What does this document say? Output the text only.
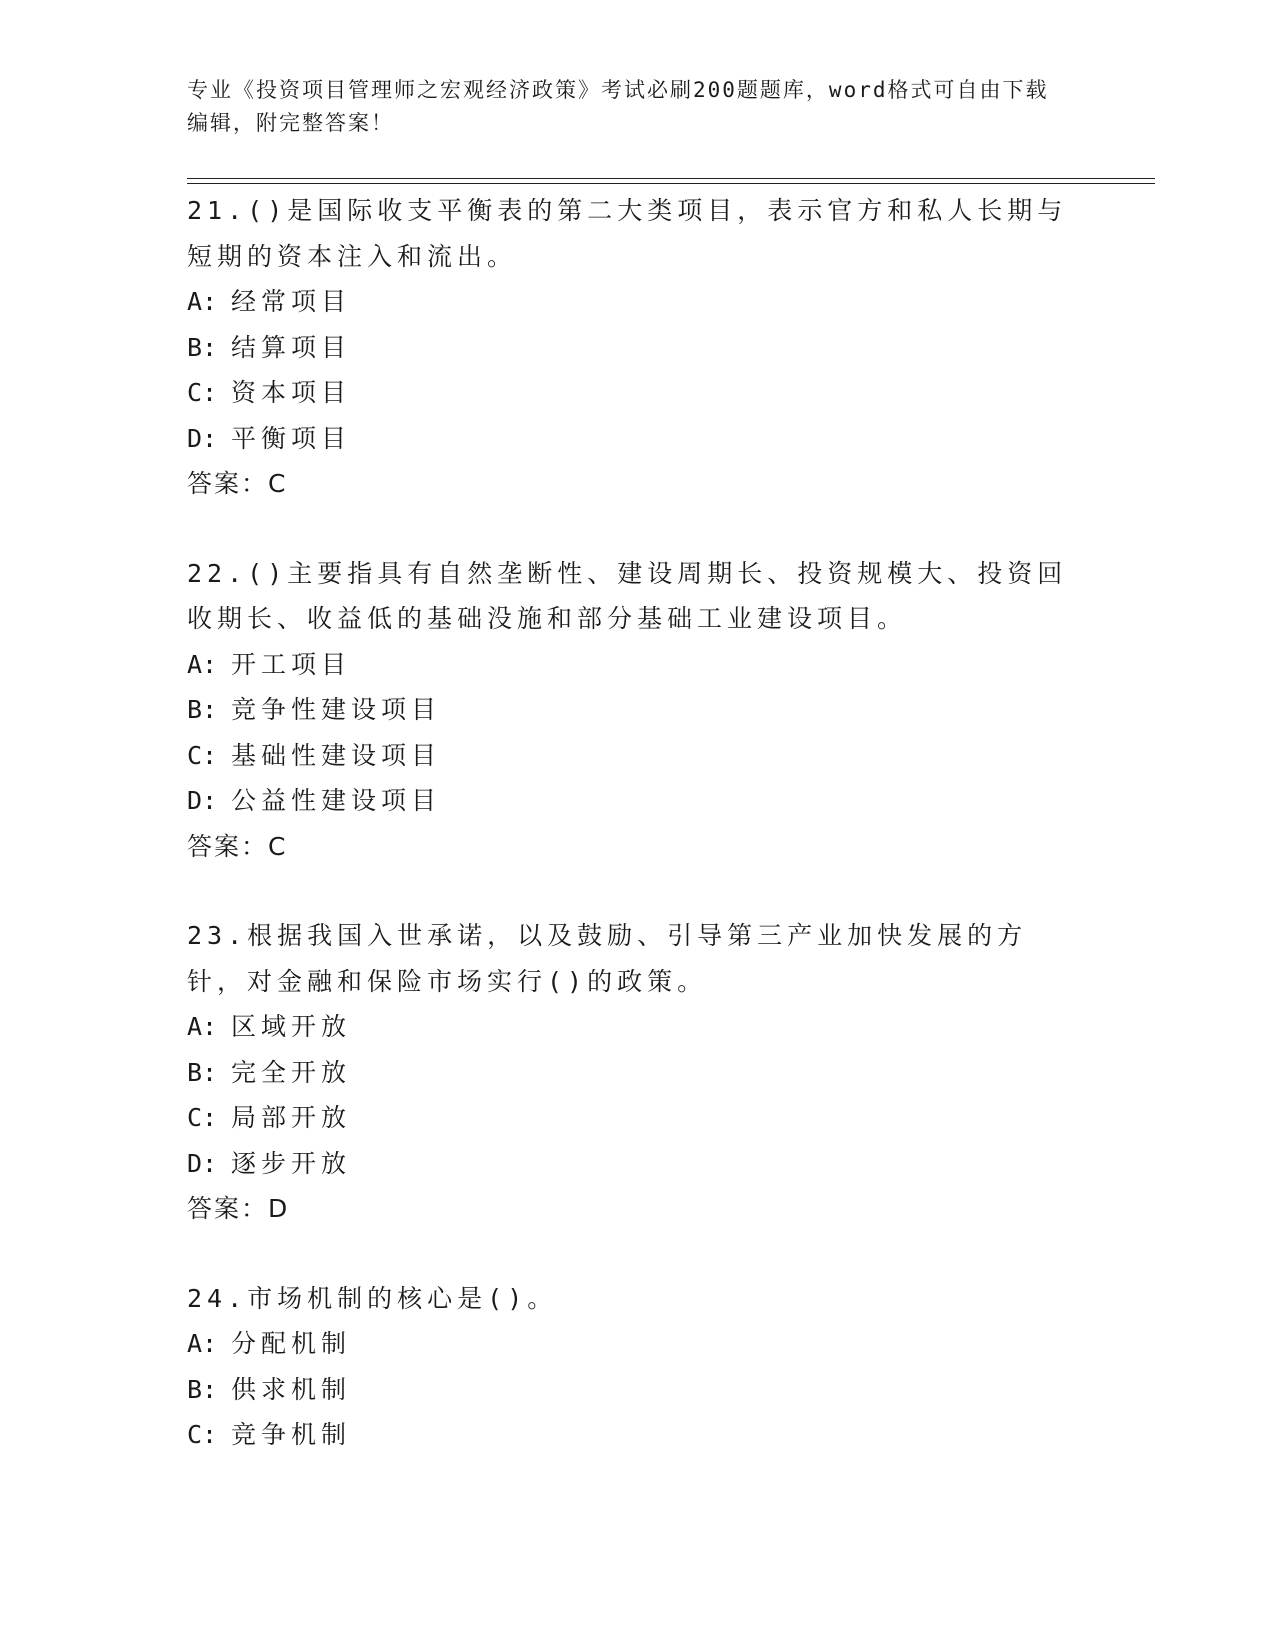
专业《投资项目管理师之宏观经济政策》考试必刷200题题库，word格式可自由下载编辑，附完整答案！
21.()是国际收支平衡表的第二大类项目，表示官方和私人长期与短期的资本注入和流出。
A: 经常项目
B: 结算项目
C: 资本项目
D: 平衡项目
答案：C
22.()主要指具有自然垄断性、建设周期长、投资规模大、投资回收期长、收益低的基础没施和部分基础工业建设项目。
A: 开工项目
B: 竞争性建设项目
C: 基础性建设项目
D: 公益性建设项目
答案：C
23.根据我国入世承诺，以及鼓励、引导第三产业加快发展的方针，对金融和保险市场实行()的政策。
A: 区域开放
B: 完全开放
C: 局部开放
D: 逐步开放
答案：D
24.市场机制的核心是()。
A: 分配机制
B: 供求机制
C: 竞争机制
